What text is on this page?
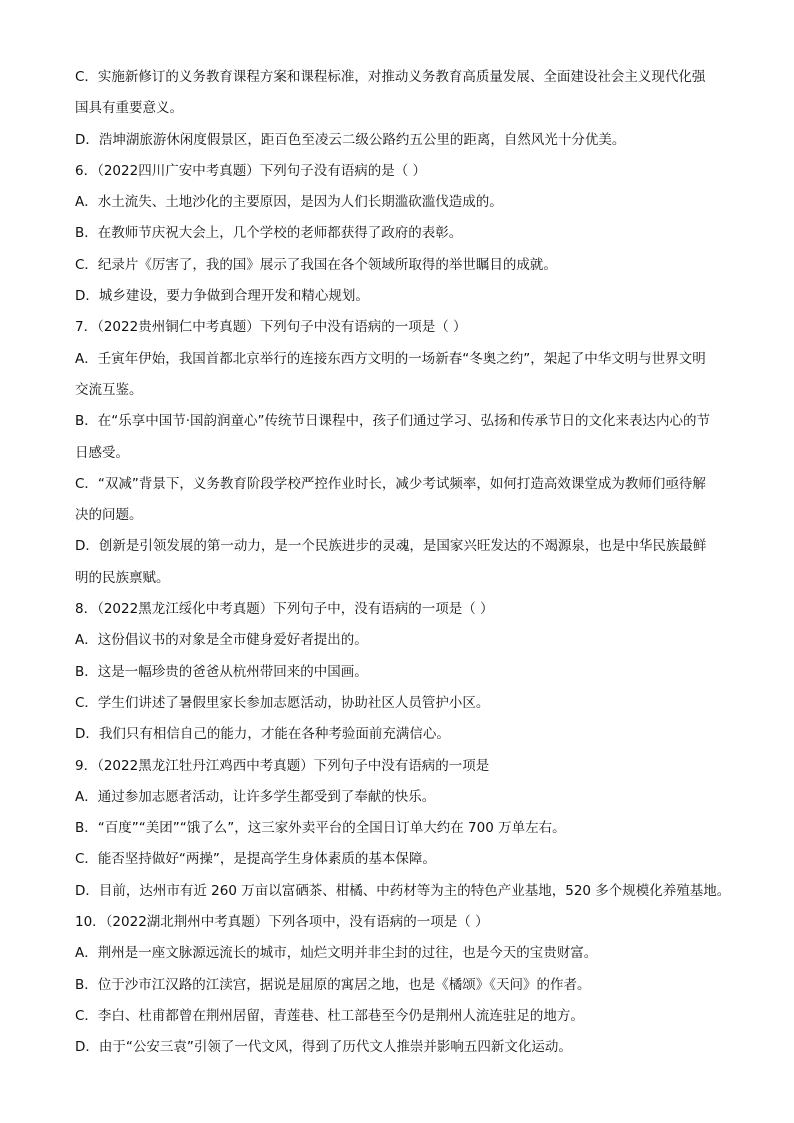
C．实施新修订的义务教育课程方案和课程标准，对推动义务教育高质量发展、全面建设社会主义现代化强
国具有重要意义。
D．浩坤湖旅游休闲度假景区，距百色至凌云二级公路约五公里的距离，自然风光十分优美。
6．（2022四川广安中考真题）下列句子没有语病的是（ ）
A．水土流失、土地沙化的主要原因，是因为人们长期滥砍滥伐造成的。
B．在教师节庆祝大会上，几个学校的老师都获得了政府的表彰。
C．纪录片《厉害了，我的国》展示了我国在各个领域所取得的举世瞩目的成就。
D．城乡建设，要力争做到合理开发和精心规划。
7．（2022贵州铜仁中考真题）下列句子中没有语病的一项是（ ）
A．壬寅年伊始，我国首都北京举行的连接东西方文明的一场新春“冬奥之约”，架起了中华文明与世界文明
交流互鉴。
B．在“乐享中国节·国韵润童心”传统节日课程中，孩子们通过学习、弘扬和传承节日的文化来表达内心的节
日感受。
C．“双减”背景下，义务教育阶段学校严控作业时长，减少考试频率，如何打造高效课堂成为教师们亟待解
决的问题。
D．创新是引领发展的第一动力，是一个民族进步的灵魂，是国家兴旺发达的不竭源泉，也是中华民族最鲜
明的民族禀赋。
8．（2022黑龙江绥化中考真题）下列句子中，没有语病的一项是（ ）
A．这份倡议书的对象是全市健身爱好者提出的。
B．这是一幅珍贵的爸爸从杭州带回来的中国画。
C．学生们讲述了暑假里家长参加志愿活动，协助社区人员管护小区。
D．我们只有相信自己的能力，才能在各种考验面前充满信心。
9．（2022黑龙江牡丹江鸡西中考真题）下列句子中没有语病的一项是
A．通过参加志愿者活动，让许多学生都受到了奉献的快乐。
B．“百度”“美团”“饿了么”，这三家外卖平台的全国日订单大约在 700 万单左右。
C．能否坚持做好“两操”，是提高学生身体素质的基本保障。
D．目前，达州市有近 260 万亩以富硒茶、柑橘、中药材等为主的特色产业基地，520 多个规模化养殖基地。
10．（2022湖北荆州中考真题）下列各项中，没有语病的一项是（ ）
A．荆州是一座文脉源远流长的城市，灿烂文明并非尘封的过往，也是今天的宝贵财富。
B．位于沙市江汉路的江渎宫，据说是屈原的寓居之地，也是《橘颂》《天问》的作者。
C．李白、杜甫都曾在荆州居留，青莲巷、杜工部巷至今仍是荆州人流连驻足的地方。
D．由于“公安三袁”引领了一代文风，得到了历代文人推崇并影响五四新文化运动。
